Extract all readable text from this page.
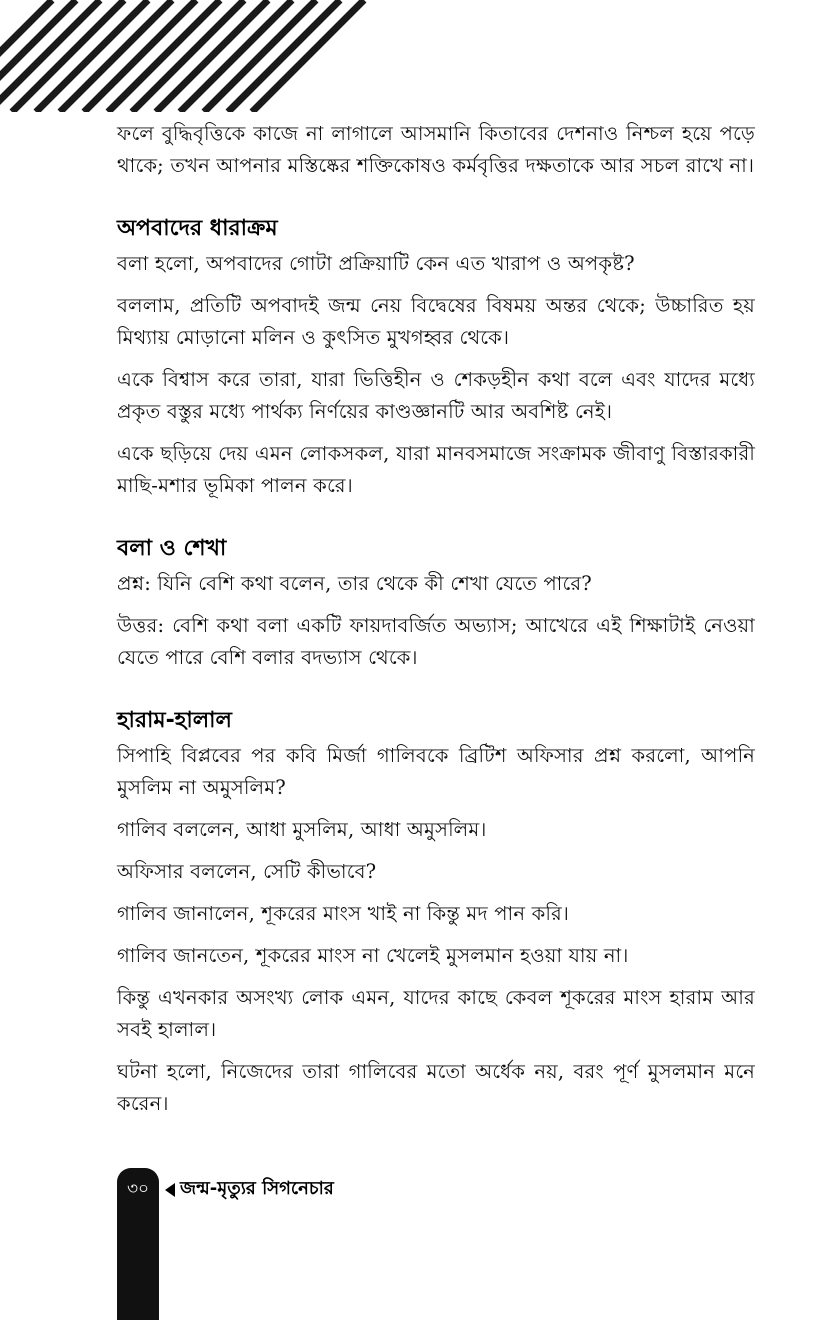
ফলে বুদ্ধিবৃত্তিকে কাজে না লাগালে আসমানি কিতাবের দেশনাও নিশ্চল হয়ে পড়ে থাকে; তখন আপনার মস্তিষ্কের শক্তিকোষও কর্মবৃত্তির দক্ষতাকে আর সচল রাখে না।

অপবাদের ধারাক্রম

বলা হলো, অপবাদের গোটা প্রক্রিয়াটি কেন এত খারাপ ও অপকৃষ্ট?

বললাম, প্রতিটি অপবাদই জন্ম নেয় বিদ্বেষের বিষময় অন্তর থেকে; উচ্চারিত হয় মিথ্যায় মোড়ানো মলিন ও কুৎসিত মুখগহ্বর থেকে।

একে বিশ্বাস করে তারা, যারা ভিত্তিহীন ও শেকড়হীন কথা বলে এবং যাদের মধ্যে প্রকৃত বস্তুর মধ্যে পার্থক্য নির্ণয়ের কাণ্ডজ্ঞানটি আর অবশিষ্ট নেই।

একে ছড়িয়ে দেয় এমন লোকসকল, যারা মানবসমাজে সংক্রামক জীবাণু বিস্তারকারী মাছি-মশার ভূমিকা পালন করে।

বলা ও শেখা

প্রশ্ন: যিনি বেশি কথা বলেন, তার থেকে কী শেখা যেতে পারে?

উত্তর: বেশি কথা বলা একটি ফায়দাবর্জিত অভ্যাস; আখেরে এই শিক্ষাটাই নেওয়া যেতে পারে বেশি বলার বদভ্যাস থেকে।

হারাম-হালাল

সিপাহি বিপ্লবের পর কবি মির্জা গালিবকে ব্রিটিশ অফিসার প্রশ্ন করলো, আপনি মুসলিম না অমুসলিম?

গালিব বললেন, আধা মুসলিম, আধা অমুসলিম।

অফিসার বললেন, সেটি কীভাবে?

গালিব জানালেন, শূকরের মাংস খাই না কিন্তু মদ পান করি।

গালিব জানতেন, শূকরের মাংস না খেলেই মুসলমান হওয়া যায় না।

কিন্তু এখনকার অসংখ্য লোক এমন, যাদের কাছে কেবল শূকরের মাংস হারাম আর সবই হালাল।

ঘটনা হলো, নিজেদের তারা গালিবের মতো অর্ধেক নয়, বরং পূর্ণ মুসলমান মনে করেন।

৩০	জন্ম-মৃত্যুর সিগনেচার
